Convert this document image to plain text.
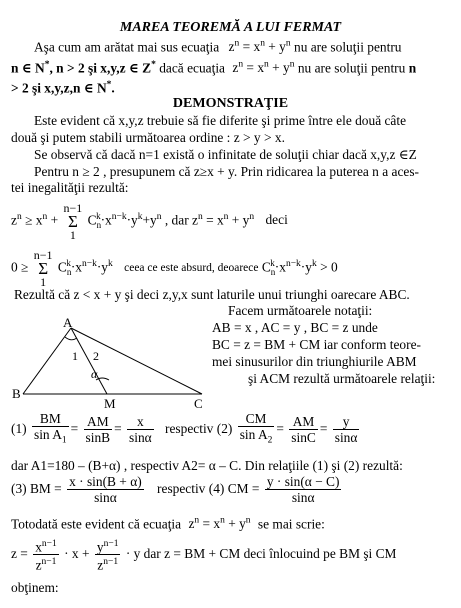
MAREA TEOREMĂ A LUI FERMAT
Aşa cum am arătat mai sus ecuaţia $z^n = x^n + y^n$ nu are soluţii pentru
n ∈ N*, n > 2 şi x,y,z ∈ Z* dacă ecuaţia $z^n = x^n + y^n$ nu are soluţii pentru n
> 2 şi x,y,z,n ∈ N*.
DEMONSTRAŢIE
Este evident că x,y,z trebuie să fie diferite şi prime între ele două câte
două şi putem stabili următoarea ordine : z > y > x.
Se observă că dacă n=1 există o infinitate de soluţii chiar dacă x,y,z ∈Z
Pentru n ≥ 2 , presupunem că z≥x + y. Prin ridicarea la puterea n a aces-
tei inegalităţii rezultă:
$z^n \ge x^n + n-1$
Σ
1 $C_n^k\cdot x^{n-k}\cdot y^k+y^n$ , dar $z^n = x^n + y^n$ deci
0 ≥ n−1
Σ
1 $C_n^k\cdot x^{n-k}\cdot y^k$ ceea ce este absurd, deoarece $C_n^k\cdot x^{n-k}\cdot y^k > 0$
Rezultă că z < x + y şi deci z,y,x sunt laturile unui triunghi oarecare ABC.
A
B
C
M
1 2
α
Facem următoarele notaţii:
AB = x , AC = y , BC = z unde
BC = z = BM + CM iar conform teore-
mei sinusurilor din triunghiurile ABM
şi ACM rezultă următoarele relaţii:
$(1) \frac{BM}{\sin A_1} = \frac{AM}{\sin B} = \frac{x}{\sin\alpha}$ respectiv $(2) \frac{CM}{\sin A_2} = \frac{AM}{\sin C} = \frac{y}{\sin\alpha}$
dar A1=180 – (B+α) , respectiv A2= α – C. Din relaţiile (1) şi (2) rezultă:
(3) BM = $\frac{x \cdot \sin(B + \alpha)}{\sin\alpha}$ respectiv (4) CM = $\frac{y \cdot \sin(\alpha - C)}{\sin\alpha}$
Totodată este evident că ecuaţia $z^n = x^n + y^n$ se mai scrie:
$z = \frac{x^{n-1}}{z^{n-1}} \cdot x + \frac{y^{n-1}}{z^{n-1}} \cdot y$ dar z = BM + CM deci înlocuind pe BM şi CM
obţinem:
